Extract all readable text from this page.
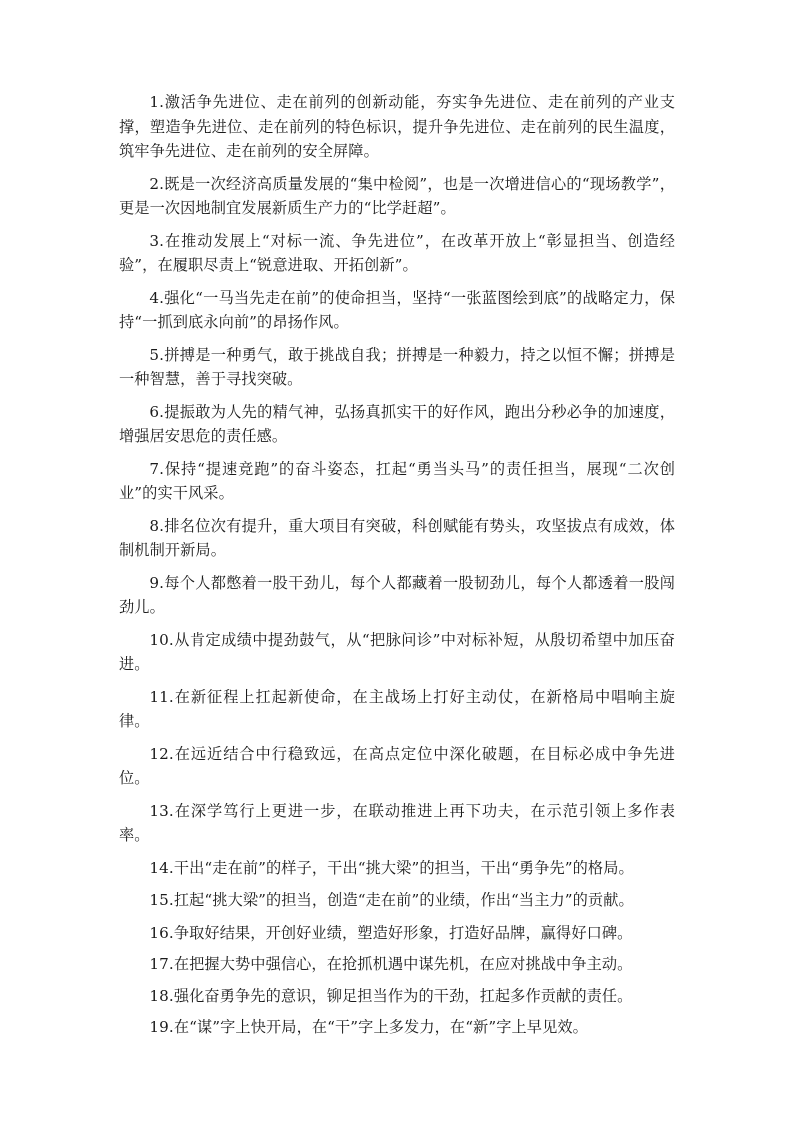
1.激活争先进位、走在前列的创新动能，夯实争先进位、走在前列的产业支撑，塑造争先进位、走在前列的特色标识，提升争先进位、走在前列的民生温度，筑牢争先进位、走在前列的安全屏障。

2.既是一次经济高质量发展的“集中检阅”，也是一次增进信心的“现场教学”，更是一次因地制宜发展新质生产力的“比学赶超”。

3.在推动发展上“对标一流、争先进位”，在改革开放上“彰显担当、创造经验”，在履职尽责上“锐意进取、开拓创新”。

4.强化“一马当先走在前”的使命担当，坚持“一张蓝图绘到底”的战略定力，保持“一抓到底永向前”的昂扬作风。

5.拼搏是一种勇气，敢于挑战自我；拼搏是一种毅力，持之以恒不懈；拼搏是一种智慧，善于寻找突破。

6.提振敢为人先的精气神，弘扬真抓实干的好作风，跑出分秒必争的加速度，增强居安思危的责任感。

7.保持“提速竞跑”的奋斗姿态，扛起“勇当头马”的责任担当，展现“二次创业”的实干风采。

8.排名位次有提升，重大项目有突破，科创赋能有势头，攻坚拔点有成效，体制机制开新局。

9.每个人都憋着一股干劲儿，每个人都藏着一股韧劲儿，每个人都透着一股闯劲儿。

10.从肯定成绩中提劲鼓气，从“把脉问诊”中对标补短，从殷切希望中加压奋进。

11.在新征程上扛起新使命，在主战场上打好主动仗，在新格局中唱响主旋律。

12.在远近结合中行稳致远，在高点定位中深化破题，在目标必成中争先进位。

13.在深学笃行上更进一步，在联动推进上再下功夫，在示范引领上多作表率。

14.干出“走在前”的样子，干出“挑大梁”的担当，干出“勇争先”的格局。

15.扛起“挑大梁”的担当，创造“走在前”的业绩，作出“当主力”的贡献。

16.争取好结果，开创好业绩，塑造好形象，打造好品牌，赢得好口碑。

17.在把握大势中强信心，在抢抓机遇中谋先机，在应对挑战中争主动。

18.强化奋勇争先的意识，铆足担当作为的干劲，扛起多作贡献的责任。

19.在“谋”字上快开局，在“干”字上多发力，在“新”字上早见效。
